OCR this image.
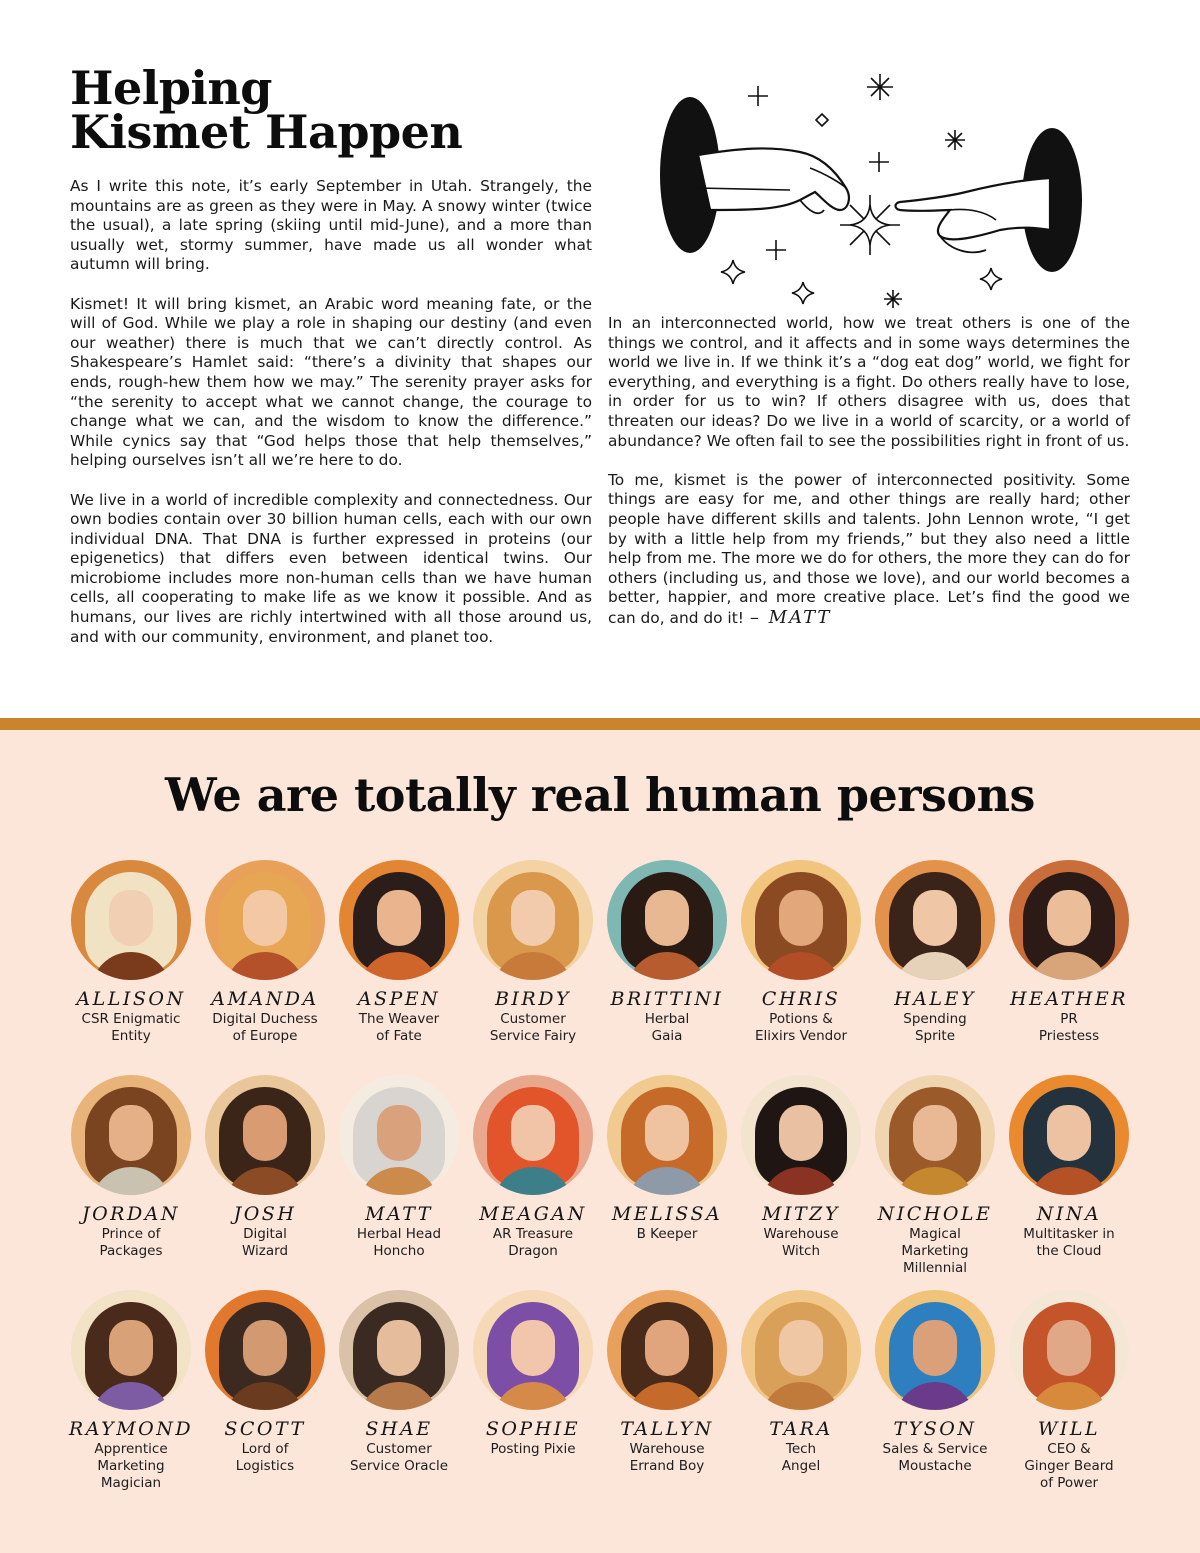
Helping
Kismet Happen

As I write this note, it’s early September in Utah. Strangely, the mountains are as green as they were in May. A snowy winter (twice the usual), a late spring (skiing until mid-June), and a more than usually wet, stormy summer, have made us all wonder what autumn will bring.

Kismet! It will bring kismet, an Arabic word meaning fate, or the will of God. While we play a role in shaping our destiny (and even our weather) there is much that we can’t directly control. As Shakespeare’s Hamlet said: “there’s a divinity that shapes our ends, rough-hew them how we may.” The serenity prayer asks for “the serenity to accept what we cannot change, the courage to change what we can, and the wisdom to know the difference.” While cynics say that “God helps those that help themselves,” helping ourselves isn’t all we’re here to do.

We live in a world of incredible complexity and connectedness. Our own bodies contain over 30 billion human cells, each with our own individual DNA. That DNA is further expressed in proteins (our epigenetics) that differs even between identical twins. Our microbiome includes more non-human cells than we have human cells, all cooperating to make life as we know it possible. And as humans, our lives are richly intertwined with all those around us, and with our community, environment, and planet too.

In an interconnected world, how we treat others is one of the things we control, and it affects and in some ways determines the world we live in. If we think it’s a “dog eat dog” world, we fight for everything, and everything is a fight. Do others really have to lose, in order for us to win? If others disagree with us, does that threaten our ideas? Do we live in a world of scarcity, or a world of abundance? We often fail to see the possibilities right in front of us.

To me, kismet is the power of interconnected positivity. Some things are easy for me, and other things are really hard; other people have different skills and talents. John Lennon wrote, “I get by with a little help from my friends,” but they also need a little help from me. The more we do for others, the more they can do for others (including us, and those we love), and our world becomes a better, happier, and more creative place. Let’s find the good we can do, and do it! – MATT

We are totally real human persons
ALLISON
CSR Enigmatic
Entity
AMANDA
Digital Duchess
of Europe
ASPEN
The Weaver
of Fate
BIRDY
Customer
Service Fairy
BRITTINI
Herbal
Gaia
CHRIS
Potions &
Elixirs Vendor
HALEY
Spending
Sprite
HEATHER
PR
Priestess
JORDAN
Prince of
Packages
JOSH
Digital
Wizard
MATT
Herbal Head
Honcho
MEAGAN
AR Treasure
Dragon
MELISSA
B Keeper
MITZY
Warehouse
Witch
NICHOLE
Magical
Marketing
Millennial
NINA
Multitasker in
the Cloud
RAYMOND
Apprentice
Marketing
Magician
SCOTT
Lord of
Logistics
SHAE
Customer
Service Oracle
SOPHIE
Posting Pixie
TALLYN
Warehouse
Errand Boy
TARA
Tech
Angel
TYSON
Sales & Service
Moustache
WILL
CEO &
Ginger Beard
of Power
